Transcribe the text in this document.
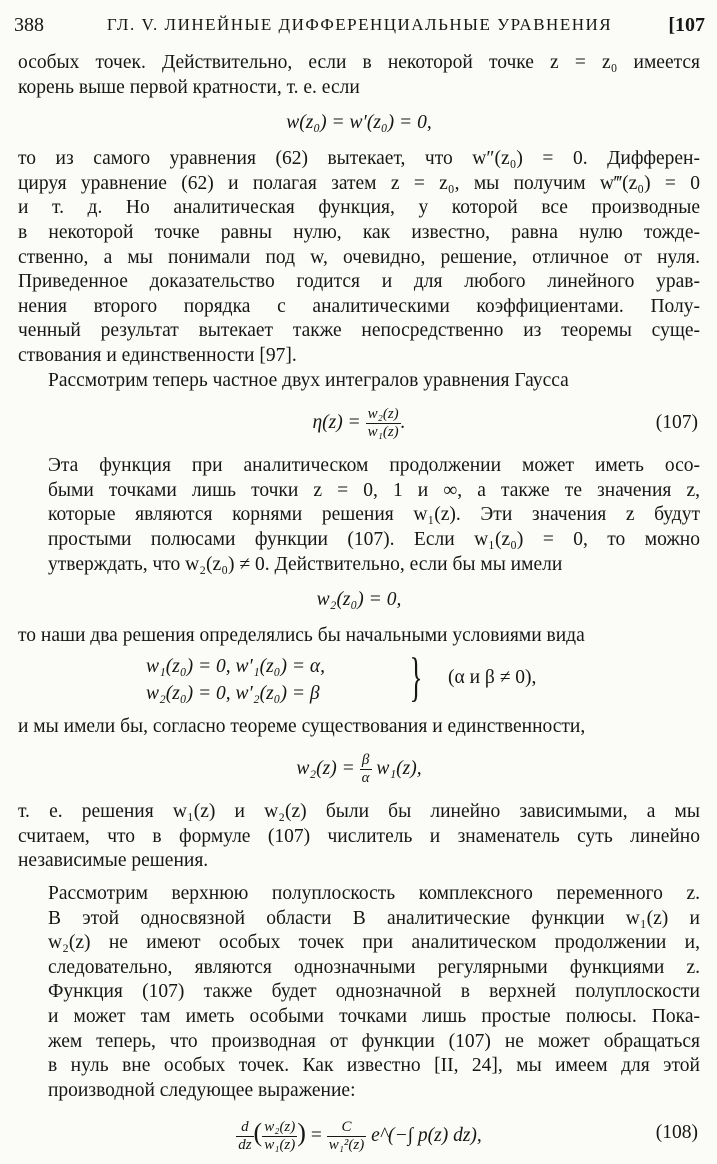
388	ГЛ. V. ЛИНЕЙНЫЕ ДИФФЕРЕНЦИАЛЬНЫЕ УРАВНЕНИЯ	[107

особых точек. Действительно, если в некоторой точке z = z₀ имеется
корень выше первой кратности, т. е. если

w(z₀) = w′(z₀) = 0,

то из самого уравнения (62) вытекает, что w″(z₀) = 0. Дифферен-
цируя уравнение (62) и полагая затем z = z₀, мы получим w‴(z₀) = 0
и т. д. Но аналитическая функция, у которой все производные
в некоторой точке равны нулю, как известно, равна нулю тожде-
ственно, а мы понимали под w, очевидно, решение, отличное от нуля.
Приведенное доказательство годится и для любого линейного урав-
нения второго порядка с аналитическими коэффициентами. Полу-
ченный результат вытекает также непосредственно из теоремы суще-
ствования и единственности [97].

Рассмотрим теперь частное двух интегралов уравнения Гаусса

$\eta(z) = \frac{\text{w₂(z)}}{\text{w₁(z)}}$ .	(107)

Эта функция при аналитическом продолжении может иметь осо-
быми точками лишь точки z = 0, 1 и ∞, а также те значения z,
которые являются корнями решения w₁(z). Эти значения z будут
простыми полюсами функции (107). Если w₁(z₀) = 0, то можно
утверждать, что w₂(z₀) ≠ 0. Действительно, если бы мы имели

w₂(z₀) = 0,

то наши два решения определялись бы начальными условиями вида

w₁(z₀) = 0, w′₁(z₀) = α,
w₂(z₀) = 0, w′₂(z₀) = β } (α и β ≠ 0),

и мы имели бы, согласно теореме существования и единственности,

$w_2(z) = \frac{\beta}{\alpha} w_1(z)$,

т. е. решения w₁(z) и w₂(z) были бы линейно зависимыми, а мы
считаем, что в формуле (107) числитель и знаменатель суть линейно
независимые решения.

Рассмотрим верхнюю полуплоскость комплексного переменного z.
В этой односвязной области B аналитические функции w₁(z) и
w₂(z) не имеют особых точек при аналитическом продолжении и,
следовательно, являются однозначными регулярными функциями z.
Функция (107) также будет однозначной в верхней полуплоскости
и может там иметь особыми точками лишь простые полюсы. Пока-
жем теперь, что производная от функции (107) не может обращаться
в нуль вне особых точек. Как известно [II, 24], мы имеем для этой
производной следующее выражение:

$\frac{d}{dz}$ ( $\frac{\text{w₂(z)}}{\text{w₁(z)}}$ ) = $\frac{C}{\text{w₁²(z)}}$ e^(−∫ p(z) dz),	(108)
